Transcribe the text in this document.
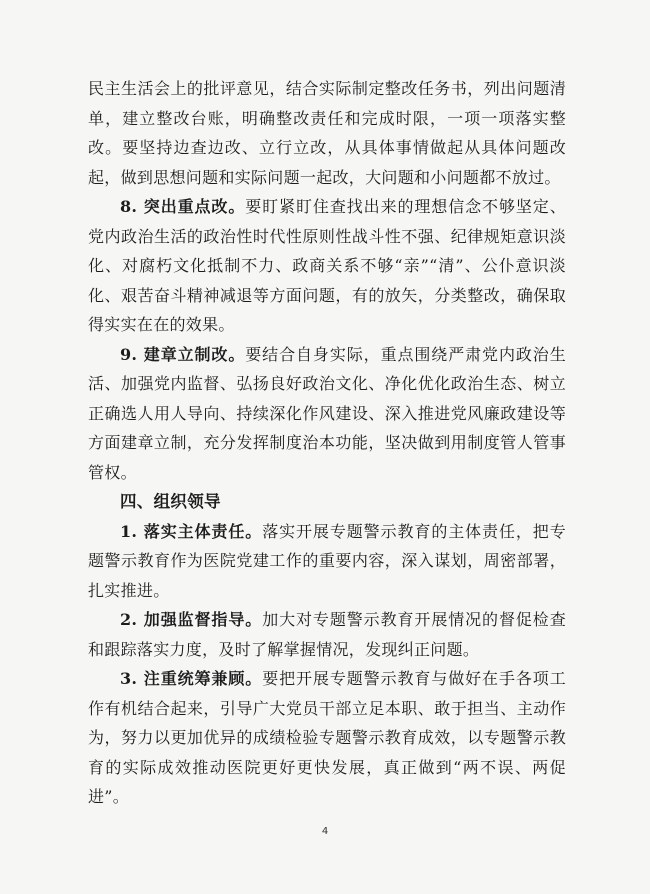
民主生活会上的批评意见，结合实际制定整改任务书，列出问题清单，建立整改台账，明确整改责任和完成时限，一项一项落实整改。要坚持边查边改、立行立改，从具体事情做起从具体问题改起，做到思想问题和实际问题一起改，大问题和小问题都不放过。

8. 突出重点改。要盯紧盯住查找出来的理想信念不够坚定、党内政治生活的政治性时代性原则性战斗性不强、纪律规矩意识淡化、对腐朽文化抵制不力、政商关系不够“亲”“清”、公仆意识淡化、艰苦奋斗精神减退等方面问题，有的放矢，分类整改，确保取得实实在在的效果。

9. 建章立制改。要结合自身实际，重点围绕严肃党内政治生活、加强党内监督、弘扬良好政治文化、净化优化政治生态、树立正确选人用人导向、持续深化作风建设、深入推进党风廉政建设等方面建章立制，充分发挥制度治本功能，坚决做到用制度管人管事管权。

四、组织领导

1. 落实主体责任。落实开展专题警示教育的主体责任，把专题警示教育作为医院党建工作的重要内容，深入谋划，周密部署，扎实推进。

2. 加强监督指导。加大对专题警示教育开展情况的督促检查和跟踪落实力度，及时了解掌握情况，发现纠正问题。

3. 注重统筹兼顾。要把开展专题警示教育与做好在手各项工作有机结合起来，引导广大党员干部立足本职、敢于担当、主动作为，努力以更加优异的成绩检验专题警示教育成效，以专题警示教育的实际成效推动医院更好更快发展，真正做到“两不误、两促进”。

4
